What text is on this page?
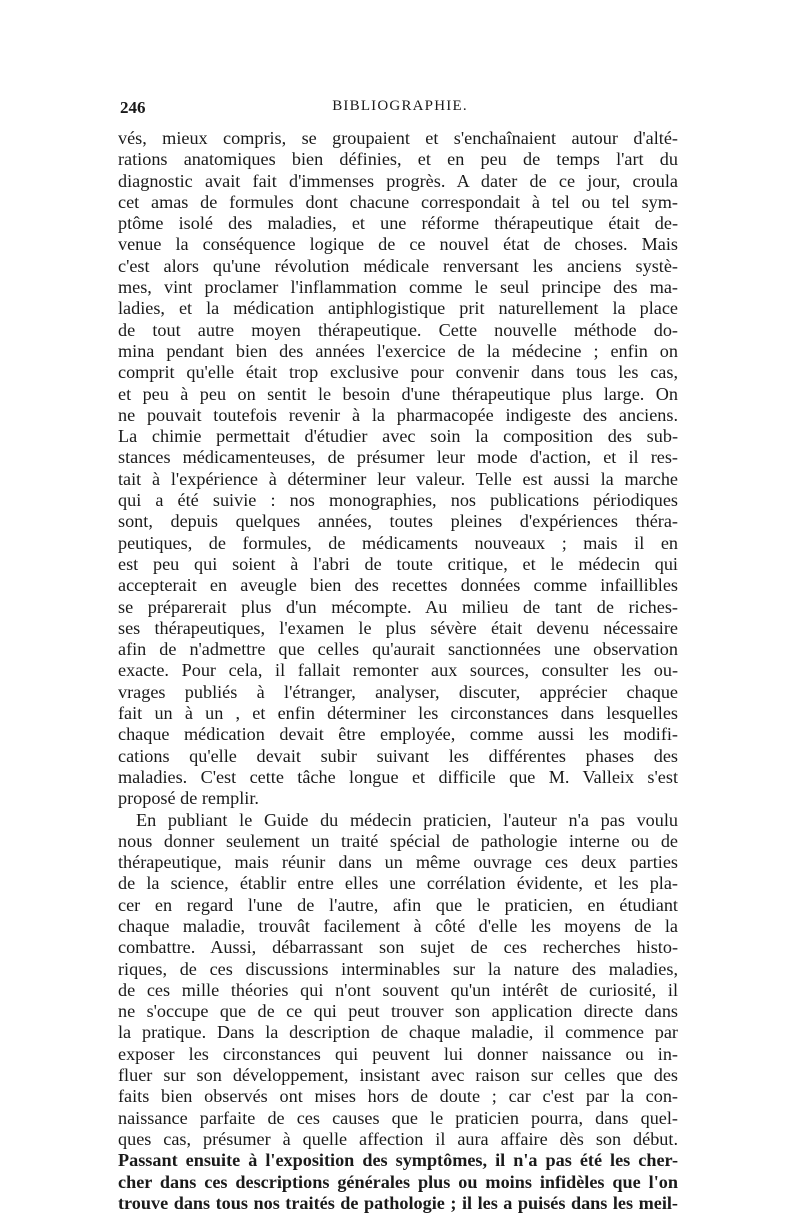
246	BIBLIOGRAPHIE.
vés, mieux compris, se groupaient et s'enchaînaient autour d'alté-
rations anatomiques bien définies, et en peu de temps l'art du
diagnostic avait fait d'immenses progrès. A dater de ce jour, croula
cet amas de formules dont chacune correspondait à tel ou tel sym-
ptôme isolé des maladies, et une réforme thérapeutique était de-
venue la conséquence logique de ce nouvel état de choses. Mais
c'est alors qu'une révolution médicale renversant les anciens systè-
mes, vint proclamer l'inflammation comme le seul principe des ma-
ladies, et la médication antiphlogistique prit naturellement la place
de tout autre moyen thérapeutique. Cette nouvelle méthode do-
mina pendant bien des années l'exercice de la médecine ; enfin on
comprit qu'elle était trop exclusive pour convenir dans tous les cas,
et peu à peu on sentit le besoin d'une thérapeutique plus large. On
ne pouvait toutefois revenir à la pharmacopée indigeste des anciens.
La chimie permettait d'étudier avec soin la composition des sub-
stances médicamenteuses, de présumer leur mode d'action, et il res-
tait à l'expérience à déterminer leur valeur. Telle est aussi la marche
qui a été suivie : nos monographies, nos publications périodiques
sont, depuis quelques années, toutes pleines d'expériences théra-
peutiques, de formules, de médicaments nouveaux ; mais il en
est peu qui soient à l'abri de toute critique, et le médecin qui
accepterait en aveugle bien des recettes données comme infaillibles
se préparerait plus d'un mécompte. Au milieu de tant de riches-
ses thérapeutiques, l'examen le plus sévère était devenu nécessaire
afin de n'admettre que celles qu'aurait sanctionnées une observation
exacte. Pour cela, il fallait remonter aux sources, consulter les ou-
vrages publiés à l'étranger, analyser, discuter, apprécier chaque
fait un à un , et enfin déterminer les circonstances dans lesquelles
chaque médication devait être employée, comme aussi les modifi-
cations qu'elle devait subir suivant les différentes phases des
maladies. C'est cette tâche longue et difficile que M. Valleix s'est
proposé de remplir.
En publiant le Guide du médecin praticien, l'auteur n'a pas voulu
nous donner seulement un traité spécial de pathologie interne ou de
thérapeutique, mais réunir dans un même ouvrage ces deux parties
de la science, établir entre elles une corrélation évidente, et les pla-
cer en regard l'une de l'autre, afin que le praticien, en étudiant
chaque maladie, trouvât facilement à côté d'elle les moyens de la
combattre. Aussi, débarrassant son sujet de ces recherches histo-
riques, de ces discussions interminables sur la nature des maladies,
de ces mille théories qui n'ont souvent qu'un intérêt de curiosité, il
ne s'occupe que de ce qui peut trouver son application directe dans
la pratique. Dans la description de chaque maladie, il commence par
exposer les circonstances qui peuvent lui donner naissance ou in-
fluer sur son développement, insistant avec raison sur celles que des
faits bien observés ont mises hors de doute ; car c'est par la con-
naissance parfaite de ces causes que le praticien pourra, dans quel-
ques cas, présumer à quelle affection il aura affaire dès son début.
Passant ensuite à l'exposition des symptômes, il n'a pas été les cher-
cher dans ces descriptions générales plus ou moins infidèles que l'on
trouve dans tous nos traités de pathologie ; il les a puisés dans les meil-
